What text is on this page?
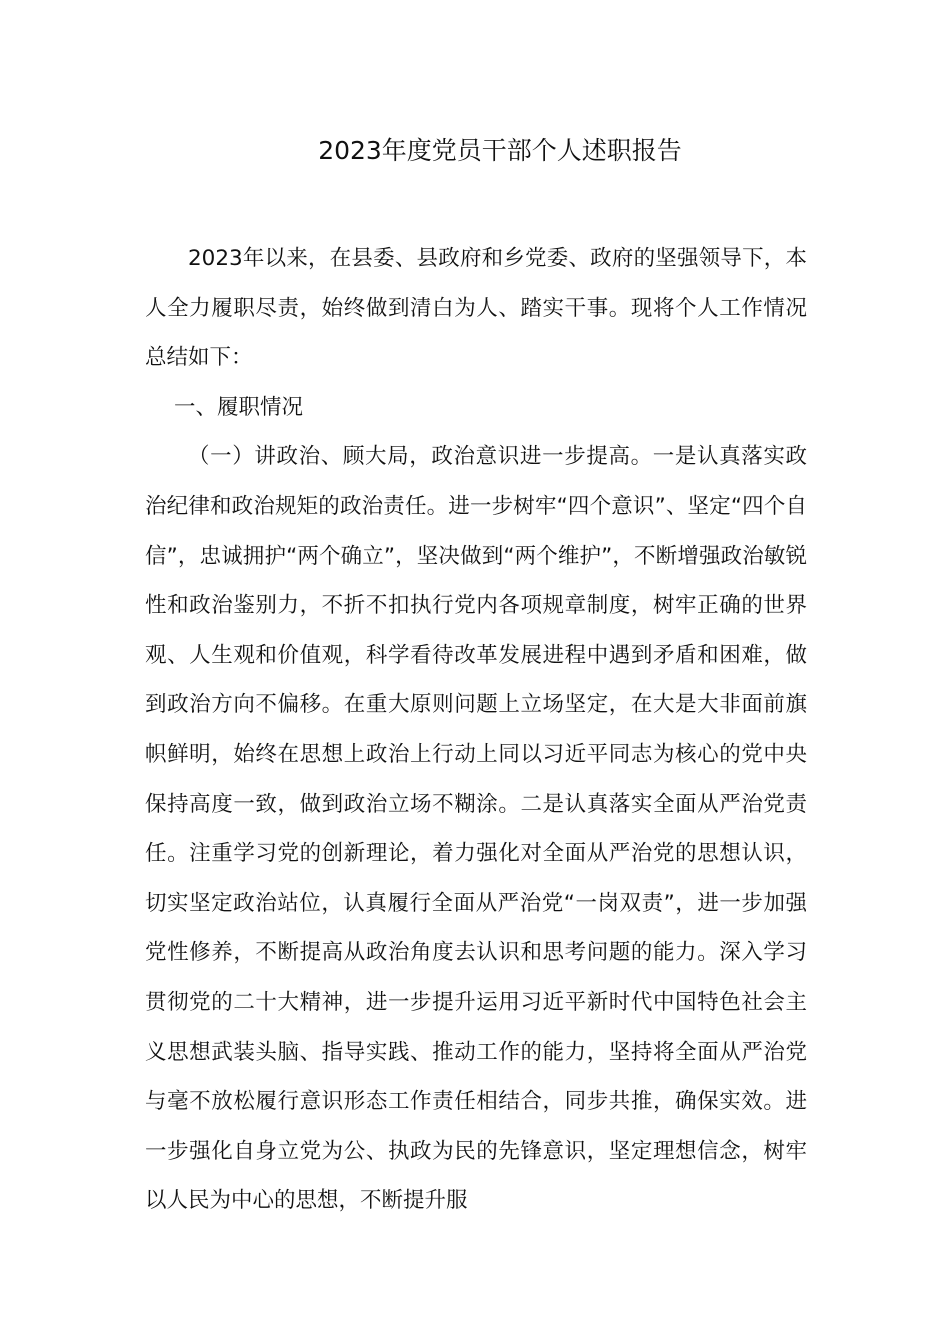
2023年度党员干部个人述职报告

2023年以来，在县委、县政府和乡党委、政府的坚强领导下，本人全力履职尽责，始终做到清白为人、踏实干事。现将个人工作情况总结如下：

一、履职情况

（一）讲政治、顾大局，政治意识进一步提高。一是认真落实政治纪律和政治规矩的政治责任。进一步树牢“四个意识”、坚定“四个自信”，忠诚拥护“两个确立”，坚决做到“两个维护”，不断增强政治敏锐性和政治鉴别力，不折不扣执行党内各项规章制度，树牢正确的世界观、人生观和价值观，科学看待改革发展进程中遇到矛盾和困难，做到政治方向不偏移。在重大原则问题上立场坚定，在大是大非面前旗帜鲜明，始终在思想上政治上行动上同以习近平同志为核心的党中央保持高度一致，做到政治立场不糊涂。二是认真落实全面从严治党责任。注重学习党的创新理论，着力强化对全面从严治党的思想认识，切实坚定政治站位，认真履行全面从严治党“一岗双责”，进一步加强党性修养，不断提高从政治角度去认识和思考问题的能力。深入学习贯彻党的二十大精神，进一步提升运用习近平新时代中国特色社会主义思想武装头脑、指导实践、推动工作的能力，坚持将全面从严治党与毫不放松履行意识形态工作责任相结合，同步共推，确保实效。进一步强化自身立党为公、执政为民的先锋意识，坚定理想信念，树牢以人民为中心的思想，不断提升服
